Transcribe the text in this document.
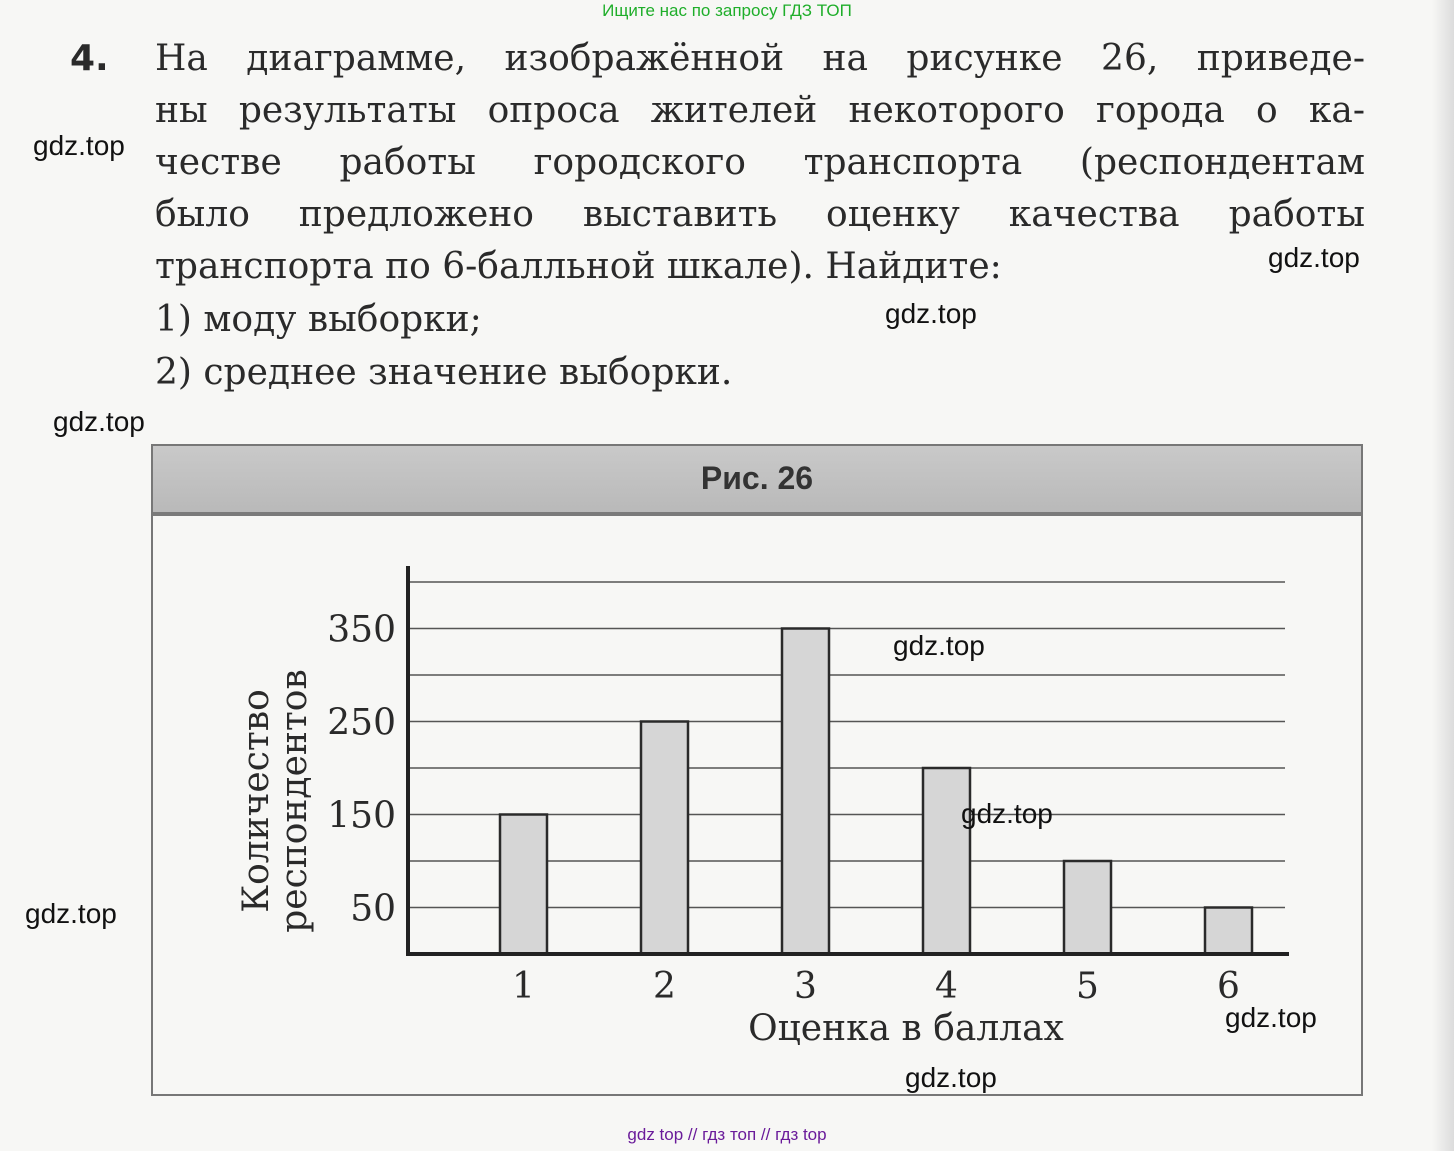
Ищите нас по запросу ГДЗ ТОП
4. На диаграмме, изображённой на рисунке 26, приведе-
ны результаты опроса жителей некоторого города о ка-
честве работы городского транспорта (респондентам
было предложено выставить оценку качества работы
транспорта по 6-балльной шкале). Найдите:
1) моду выборки;
2) среднее значение выборки.
Рис. 26
50
150
250
350
1	2	3	4	5	6
Оценка в баллах
Количество
респондентов
gdz.top
gdz.top
gdz.top
gdz.top
gdz.top
gdz.top
gdz.top
gdz.top
gdz.top
gdz top // гдз топ // гдз top
